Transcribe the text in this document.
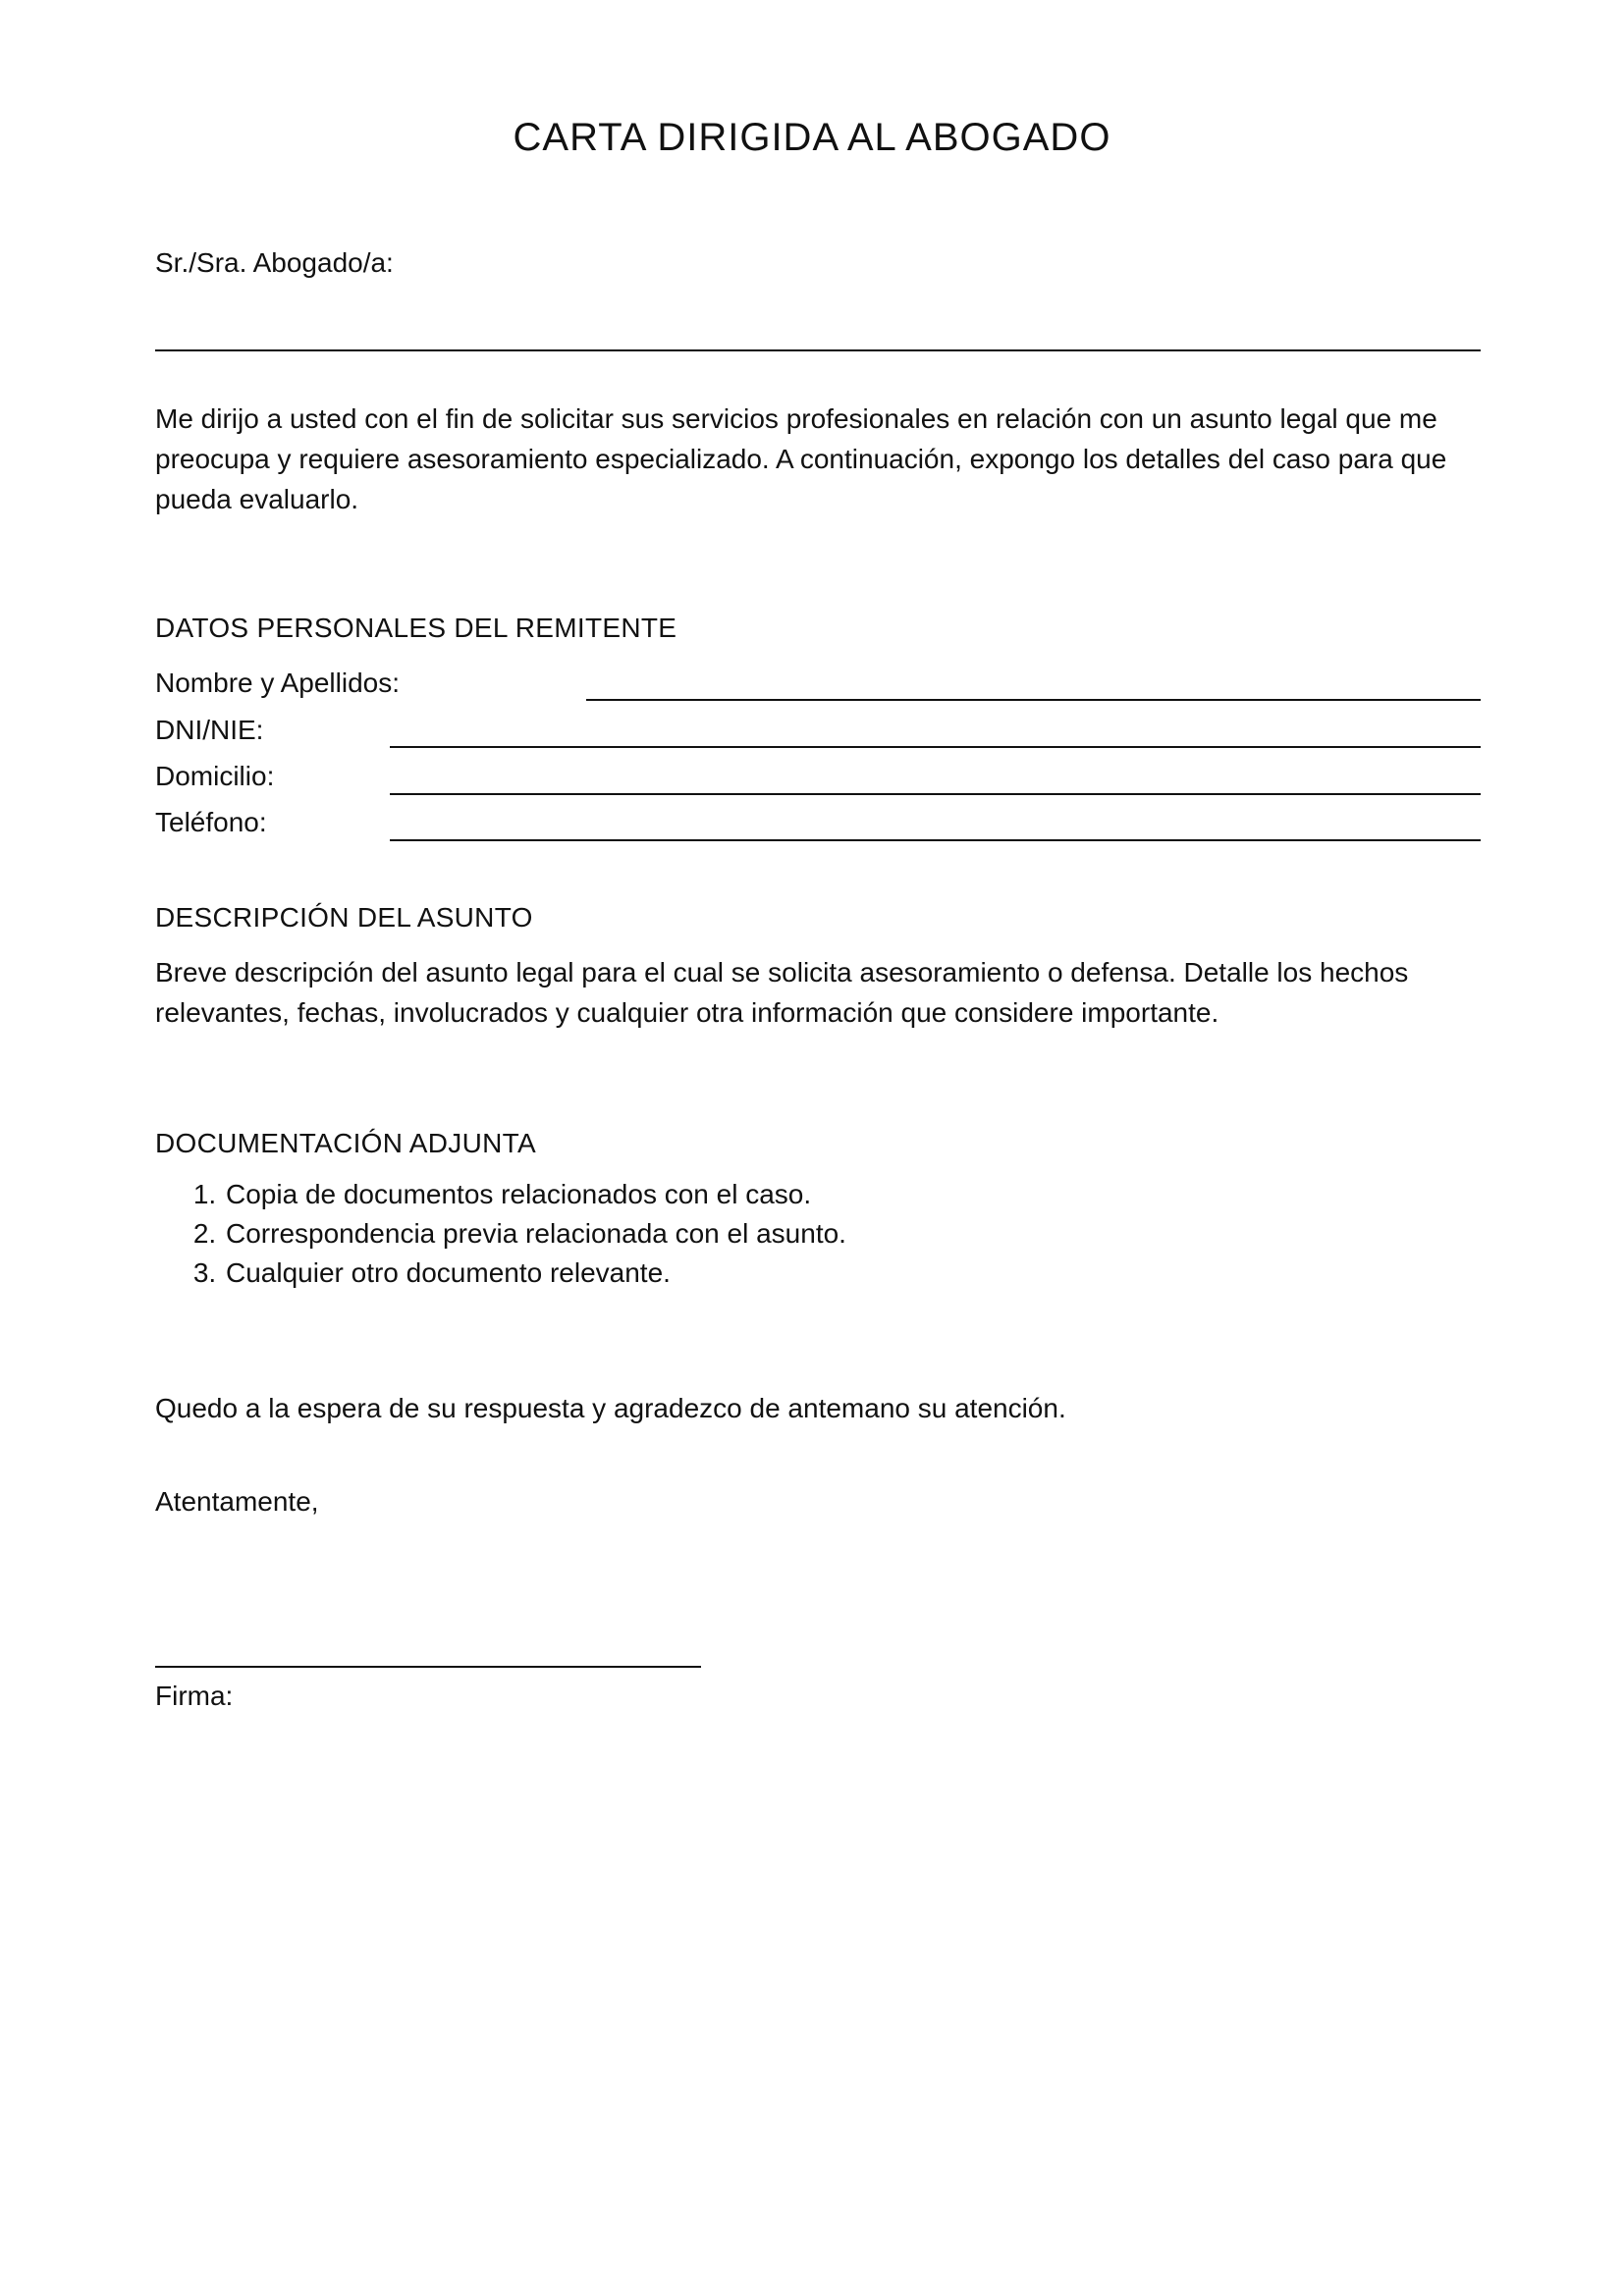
CARTA DIRIGIDA AL ABOGADO

Sr./Sra. Abogado/a:

Me dirijo a usted con el fin de solicitar sus servicios profesionales en relación con un asunto legal que me preocupa y requiere asesoramiento especializado. A continuación, expongo los detalles del caso para que pueda evaluarlo.

DATOS PERSONALES DEL REMITENTE

Nombre y Apellidos:
DNI/NIE:
Domicilio:
Teléfono:

DESCRIPCIÓN DEL ASUNTO

Breve descripción del asunto legal para el cual se solicita asesoramiento o defensa. Detalle los hechos relevantes, fechas, involucrados y cualquier otra información que considere importante.

DOCUMENTACIÓN ADJUNTA

1. Copia de documentos relacionados con el caso.
2. Correspondencia previa relacionada con el asunto.
3. Cualquier otro documento relevante.

Quedo a la espera de su respuesta y agradezco de antemano su atención.

Atentamente,

Firma:
